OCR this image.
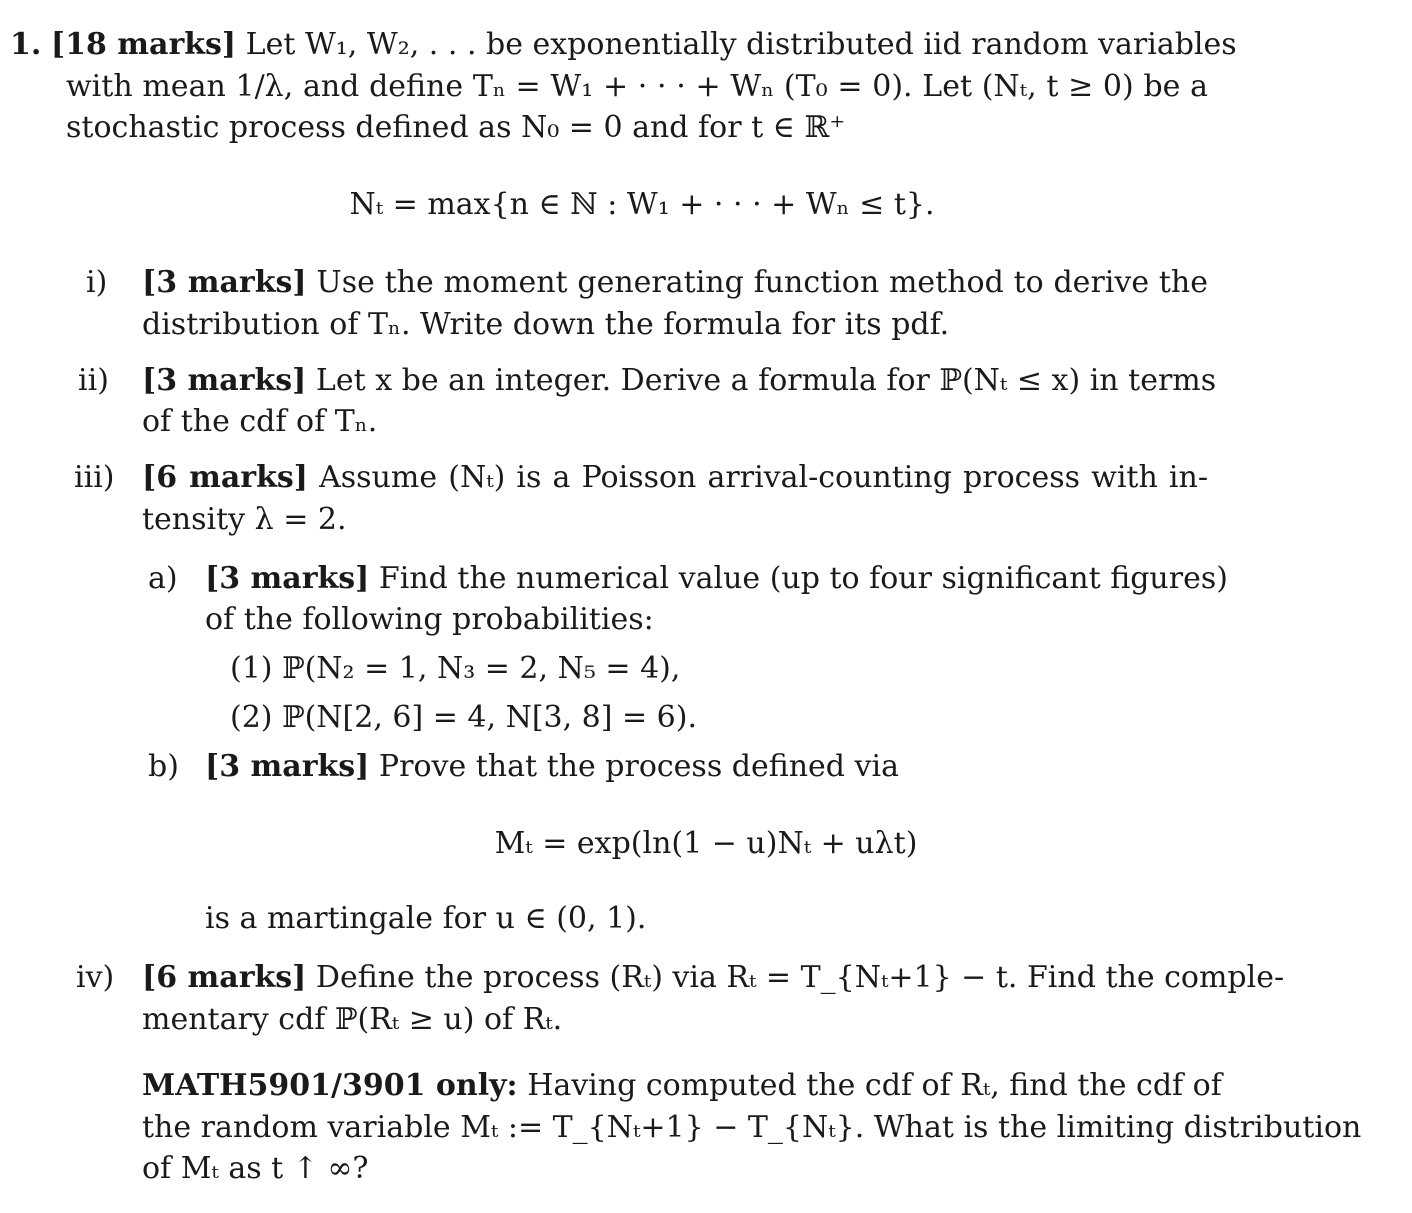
1. [18 marks] Let W₁, W₂, . . . be exponentially distributed iid random variables
with mean 1/λ, and define Tₙ = W₁ + · · · + Wₙ (T₀ = 0). Let (Nₜ, t ≥ 0) be a
stochastic process defined as N₀ = 0 and for t ∈ ℝ⁺
Nₜ = max{n ∈ ℕ : W₁ + · · · + Wₙ ≤ t}.
i) [3 marks] Use the moment generating function method to derive the
distribution of Tₙ. Write down the formula for its pdf.
ii) [3 marks] Let x be an integer. Derive a formula for ℙ(Nₜ ≤ x) in terms
of the cdf of Tₙ.
iii) [6 marks] Assume (Nₜ) is a Poisson arrival-counting process with in-
tensity λ = 2.
a) [3 marks] Find the numerical value (up to four significant figures)
of the following probabilities:
(1) ℙ(N₂ = 1, N₃ = 2, N₅ = 4),
(2) ℙ(N[2, 6] = 4, N[3, 8] = 6).
b) [3 marks] Prove that the process defined via
Mₜ = exp(ln(1 − u)Nₜ + uλt)
is a martingale for u ∈ (0, 1).
iv) [6 marks] Define the process (Rₜ) via Rₜ = T_{Nₜ+1} − t. Find the comple-
mentary cdf ℙ(Rₜ ≥ u) of Rₜ.
MATH5901/3901 only: Having computed the cdf of Rₜ, find the cdf of
the random variable Mₜ := T_{Nₜ+1} − T_{Nₜ}. What is the limiting distribution
of Mₜ as t ↑ ∞?
